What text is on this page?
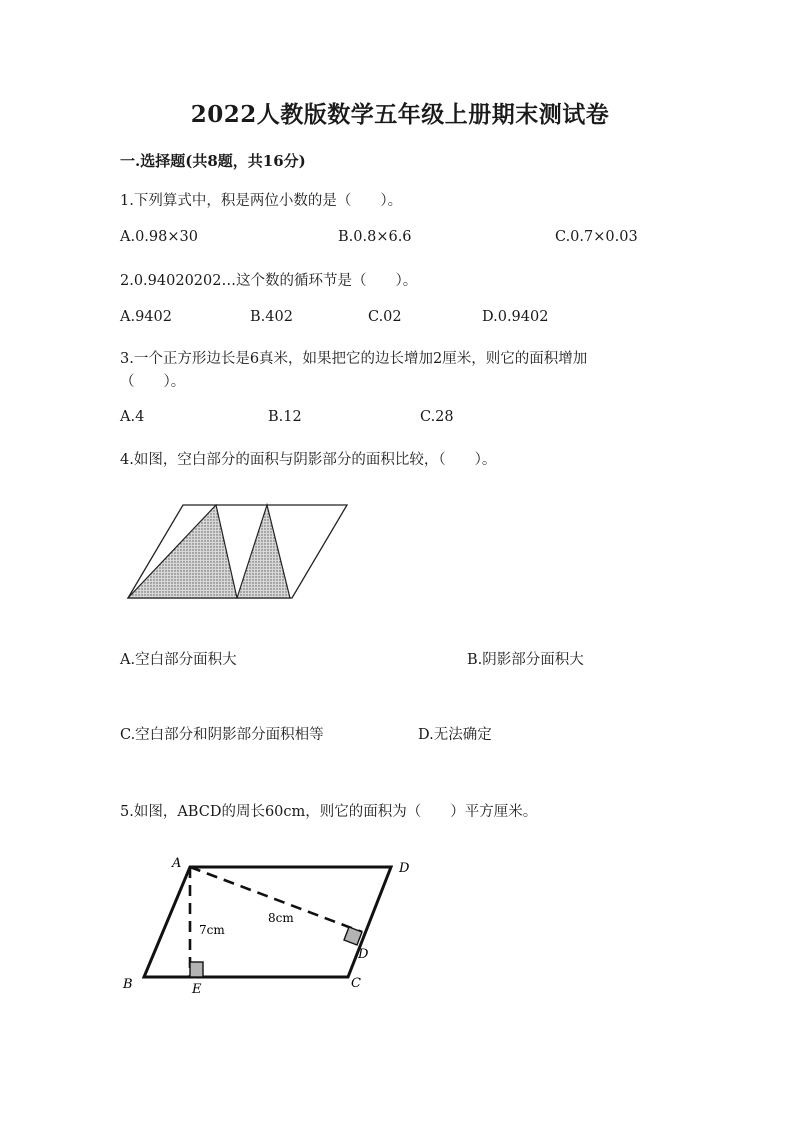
2022人教版数学五年级上册期末测试卷
一.选择题(共8题，共16分)
1.下列算式中，积是两位小数的是（　　）。
A.0.98×30	B.0.8×6.6	C.0.7×0.03
2.0.94020202…这个数的循环节是（　　）。
A.9402	B.402	C.02	D.0.9402
3.一个正方形边长是6真米，如果把它的边长增加2厘米，则它的面积增加
（　　）。
A.4	B.12	C.28
4.如图，空白部分的面积与阴影部分的面积比较，（　　）。
A.空白部分面积大	B.阴影部分面积大
C.空白部分和阴影部分面积相等	D.无法确定
5.如图，ABCD的周长60cm，则它的面积为（　　）平方厘米。
A	D
D
C
B	E
7cm
8cm
